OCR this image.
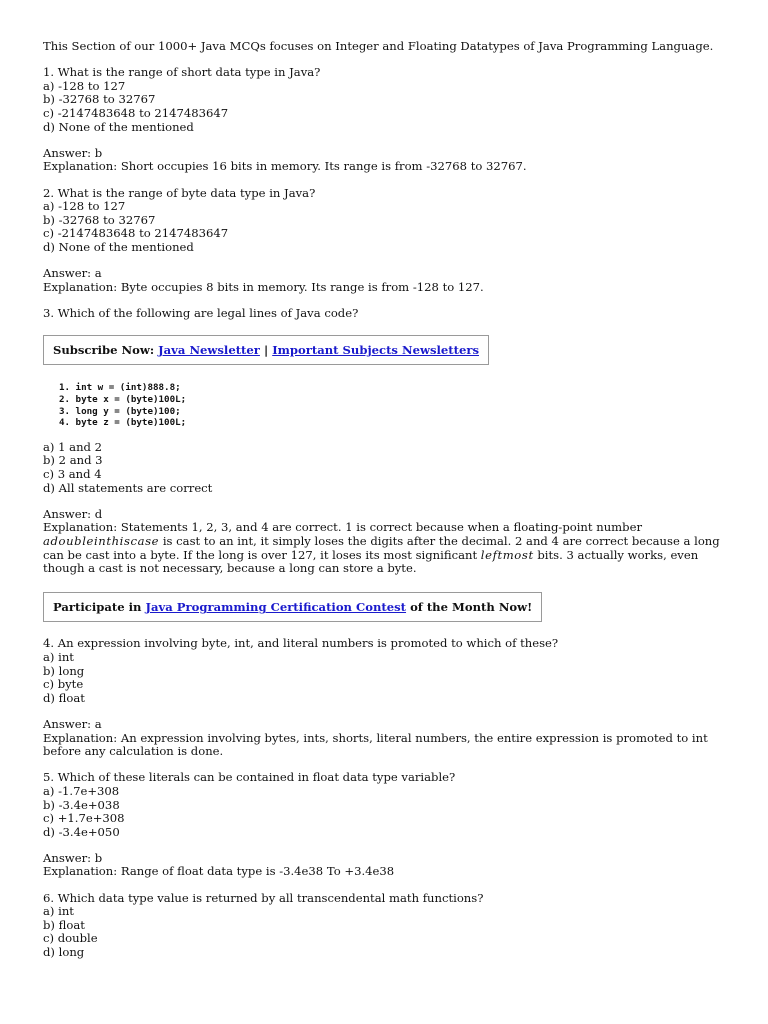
This Section of our 1000+ Java MCQs focuses on Integer and Floating Datatypes of Java Programming Language.
1. What is the range of short data type in Java?
a) -128 to 127
b) -32768 to 32767
c) -2147483648 to 2147483647
d) None of the mentioned
Answer: b
Explanation: Short occupies 16 bits in memory. Its range is from -32768 to 32767.
2. What is the range of byte data type in Java?
a) -128 to 127
b) -32768 to 32767
c) -2147483648 to 2147483647
d) None of the mentioned
Answer: a
Explanation: Byte occupies 8 bits in memory. Its range is from -128 to 127.
3. Which of the following are legal lines of Java code?
Subscribe Now: Java Newsletter | Important Subjects Newsletters
1. int w = (int)888.8;
2. byte x = (byte)100L;
3. long y = (byte)100;
4. byte z = (byte)100L;
a) 1 and 2
b) 2 and 3
c) 3 and 4
d) All statements are correct
Answer: d
Explanation: Statements 1, 2, 3, and 4 are correct. 1 is correct because when a floating-point number adoubleinthiscase is cast to an int, it simply loses the digits after the decimal. 2 and 4 are correct because a long can be cast into a byte. If the long is over 127, it loses its most significant leftmost bits. 3 actually works, even though a cast is not necessary, because a long can store a byte.
Participate in Java Programming Certification Contest of the Month Now!
4. An expression involving byte, int, and literal numbers is promoted to which of these?
a) int
b) long
c) byte
d) float
Answer: a
Explanation: An expression involving bytes, ints, shorts, literal numbers, the entire expression is promoted to int before any calculation is done.
5. Which of these literals can be contained in float data type variable?
a) -1.7e+308
b) -3.4e+038
c) +1.7e+308
d) -3.4e+050
Answer: b
Explanation: Range of float data type is -3.4e38 To +3.4e38
6. Which data type value is returned by all transcendental math functions?
a) int
b) float
c) double
d) long
